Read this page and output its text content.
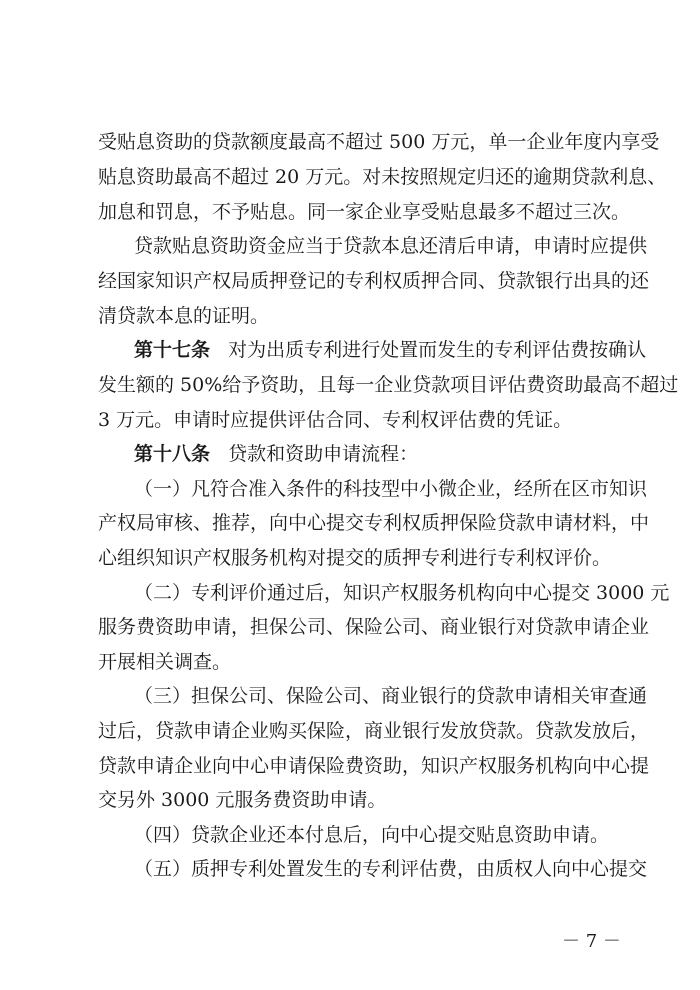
受贴息资助的贷款额度最高不超过 500 万元，单一企业年度内享受
贴息资助最高不超过 20 万元。对未按照规定归还的逾期贷款利息、
加息和罚息，不予贴息。同一家企业享受贴息最多不超过三次。
贷款贴息资助资金应当于贷款本息还清后申请，申请时应提供
经国家知识产权局质押登记的专利权质押合同、贷款银行出具的还
清贷款本息的证明。
第十七条 对为出质专利进行处置而发生的专利评估费按确认
发生额的 50%给予资助，且每一企业贷款项目评估费资助最高不超过
3 万元。申请时应提供评估合同、专利权评估费的凭证。
第十八条 贷款和资助申请流程：
（一）凡符合准入条件的科技型中小微企业，经所在区市知识
产权局审核、推荐，向中心提交专利权质押保险贷款申请材料，中
心组织知识产权服务机构对提交的质押专利进行专利权评价。
（二）专利评价通过后，知识产权服务机构向中心提交 3000 元
服务费资助申请，担保公司、保险公司、商业银行对贷款申请企业
开展相关调查。
（三）担保公司、保险公司、商业银行的贷款申请相关审查通
过后，贷款申请企业购买保险，商业银行发放贷款。贷款发放后，
贷款申请企业向中心申请保险费资助，知识产权服务机构向中心提
交另外 3000 元服务费资助申请。
（四）贷款企业还本付息后，向中心提交贴息资助申请。
（五）质押专利处置发生的专利评估费，由质权人向中心提交
－ 7 －
